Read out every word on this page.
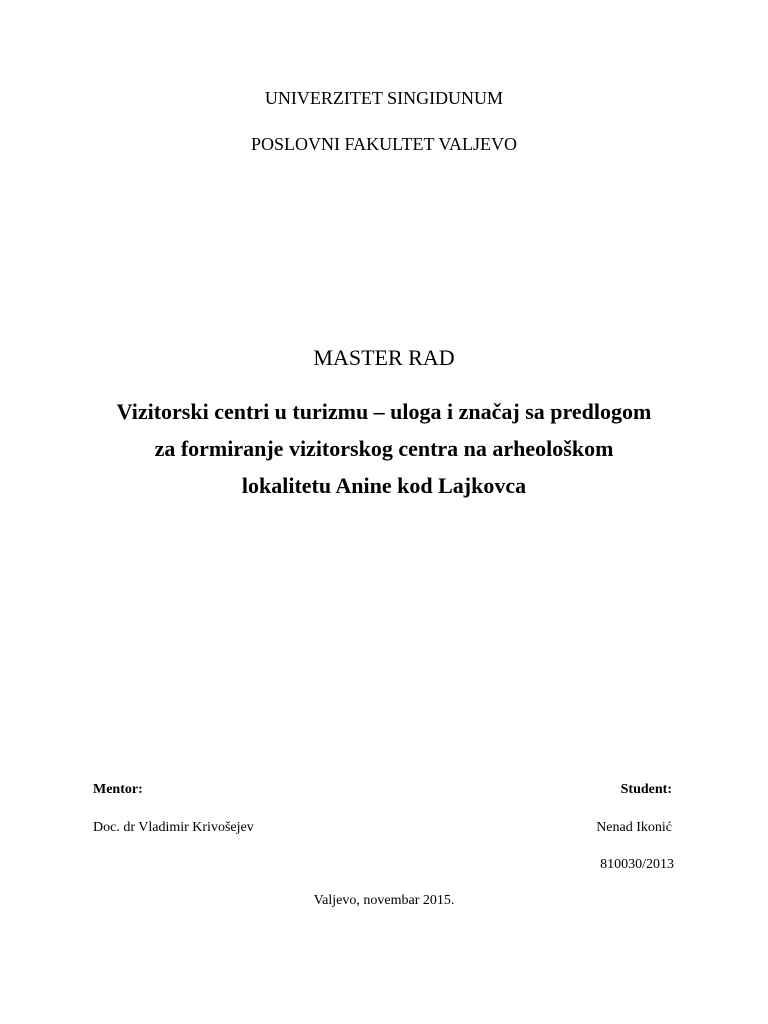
UNIVERZITET SINGIDUNUM
POSLOVNI FAKULTET VALJEVO
MASTER RAD
Vizitorski centri u turizmu – uloga i značaj sa predlogom
za formiranje vizitorskog centra na arheološkom
lokalitetu Anine kod Lajkovca
Mentor:	Student:
Doc. dr Vladimir Krivošejev	Nenad Ikonić
810030/2013
Valjevo, novembar 2015.
